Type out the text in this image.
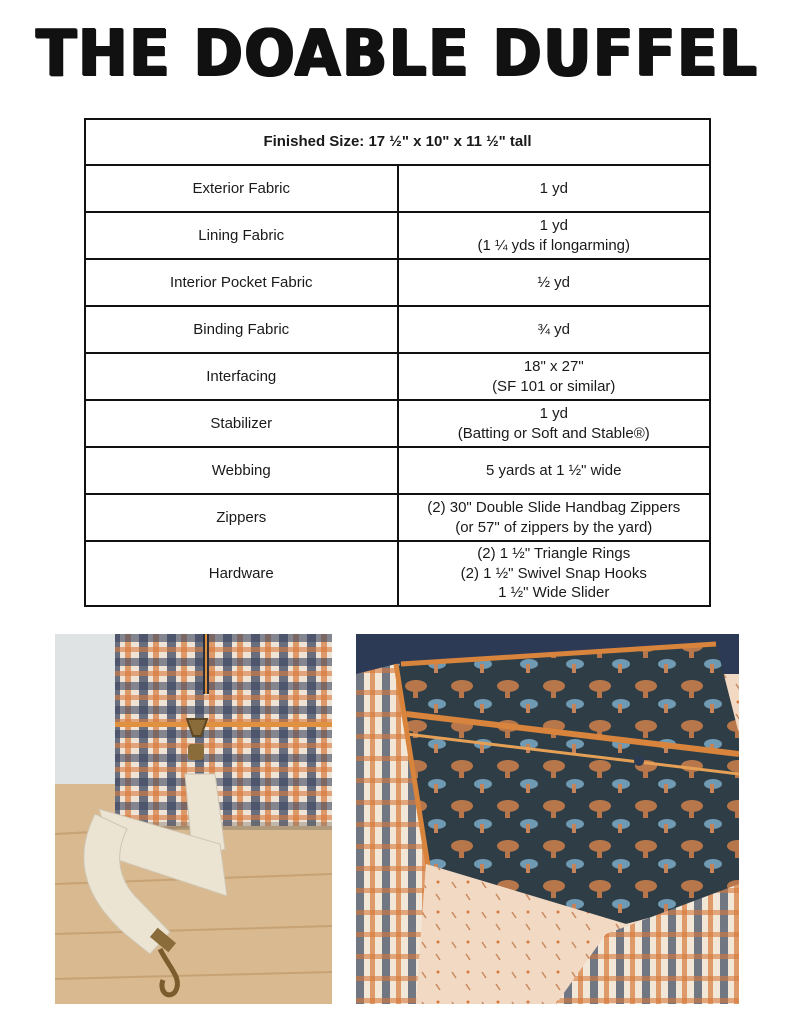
THE DOABLE DUFFEL
Finished Size: 17 ½" x 10" x 11 ½" tall	
Exterior Fabric	1 yd

Lining Fabric	1 yd
(1 ¼ yds if longarming)

Interior Pocket Fabric	½ yd

Binding Fabric	¾ yd

Interfacing	18" x 27"
(SF 101 or similar)

Stabilizer	1 yd
(Batting or Soft and Stable®)

Webbing	5 yards at 1 ½" wide

Zippers	(2) 30" Double Slide Handbag Zippers
(or 57" of zippers by the yard)

Hardware	(2) 1 ½" Triangle Rings
(2) 1 ½" Swivel Snap Hooks
1 ½" Wide Slider
